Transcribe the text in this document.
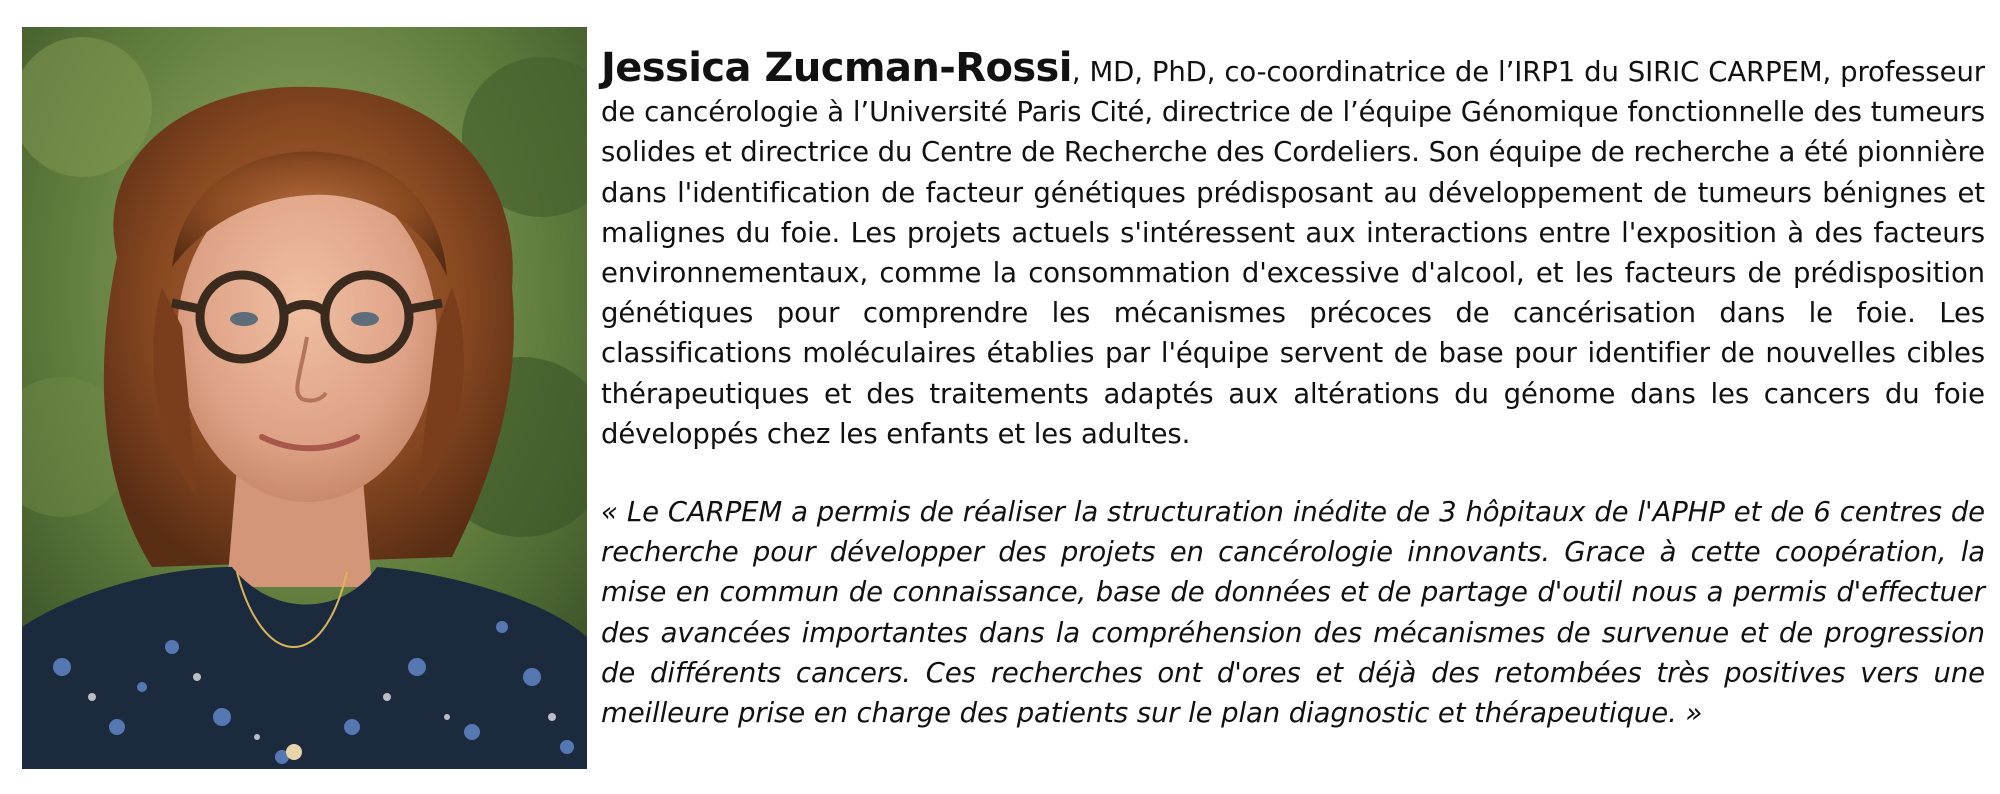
Jessica Zucman-Rossi, MD, PhD, co-coordinatrice de l’IRP1 du SIRIC CARPEM, professeur de cancérologie à l’Université Paris Cité, directrice de l’équipe Génomique fonctionnelle des tumeurs solides et directrice du Centre de Recherche des Cordeliers. Son équipe de recherche a été pionnière dans l'identification de facteur génétiques prédisposant au développement de tumeurs bénignes et malignes du foie. Les projets actuels s'intéressent aux interactions entre l'exposition à des facteurs environnementaux, comme la consommation d'excessive d'alcool, et les facteurs de prédisposition génétiques pour comprendre les mécanismes précoces de cancérisation dans le foie. Les classifications moléculaires établies par l'équipe servent de base pour identifier de nouvelles cibles thérapeutiques et des traitements adaptés aux altérations du génome dans les cancers du foie développés chez les enfants et les adultes.

« Le CARPEM a permis de réaliser la structuration inédite de 3 hôpitaux de l'APHP et de 6 centres de recherche pour développer des projets en cancérologie innovants. Grace à cette coopération, la mise en commun de connaissance, base de données et de partage d'outil nous a permis d'effectuer des avancées importantes dans la compréhension des mécanismes de survenue et de progression de différents cancers. Ces recherches ont d'ores et déjà des retombées très positives vers une meilleure prise en charge des patients sur le plan diagnostic et thérapeutique. »
